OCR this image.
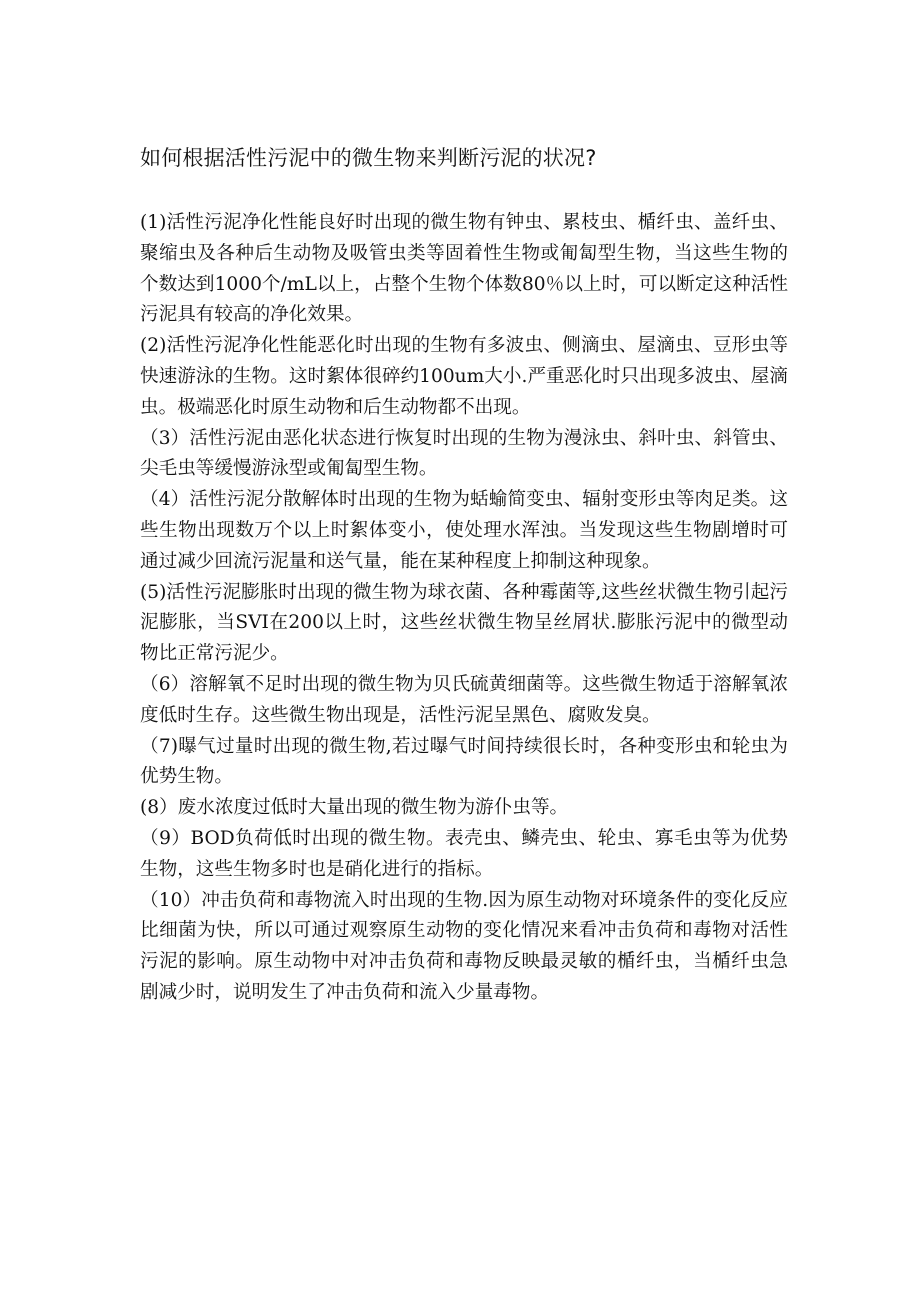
如何根据活性污泥中的微生物来判断污泥的状况?

(1)活性污泥净化性能良好时出现的微生物有钟虫、累枝虫、楯纤虫、盖纤虫、聚缩虫及各种后生动物及吸管虫类等固着性生物或匍匐型生物，当这些生物的个数达到1000个/mL以上，占整个生物个体数80％以上时，可以断定这种活性污泥具有较高的净化效果。

(2)活性污泥净化性能恶化时出现的生物有多波虫、侧滴虫、屋滴虫、豆形虫等快速游泳的生物。这时絮体很碎约100um大小.严重恶化时只出现多波虫、屋滴虫。极端恶化时原生动物和后生动物都不出现。

（3）活性污泥由恶化状态进行恢复时出现的生物为漫泳虫、斜叶虫、斜管虫、尖毛虫等缓慢游泳型或匍匐型生物。

（4）活性污泥分散解体时出现的生物为蛞蝓简变虫、辐射变形虫等肉足类。这些生物出现数万个以上时絮体变小，使处理水浑浊。当发现这些生物剧增时可通过减少回流污泥量和送气量，能在某种程度上抑制这种现象。

(5)活性污泥膨胀时出现的微生物为球衣菌、各种霉菌等,这些丝状微生物引起污泥膨胀，当SVI在200以上时，这些丝状微生物呈丝屑状.膨胀污泥中的微型动物比正常污泥少。

（6）溶解氧不足时出现的微生物为贝氏硫黄细菌等。这些微生物适于溶解氧浓度低时生存。这些微生物出现是，活性污泥呈黑色、腐败发臭。

（7)曝气过量时出现的微生物,若过曝气时间持续很长时，各种变形虫和轮虫为优势生物。

(8）废水浓度过低时大量出现的微生物为游仆虫等。

（9）BOD负荷低时出现的微生物。表壳虫、鳞壳虫、轮虫、寡毛虫等为优势生物，这些生物多时也是硝化进行的指标。

（10）冲击负荷和毒物流入时出现的生物.因为原生动物对环境条件的变化反应比细菌为快，所以可通过观察原生动物的变化情况来看冲击负荷和毒物对活性污泥的影响。原生动物中对冲击负荷和毒物反映最灵敏的楯纤虫，当楯纤虫急剧减少时，说明发生了冲击负荷和流入少量毒物。
